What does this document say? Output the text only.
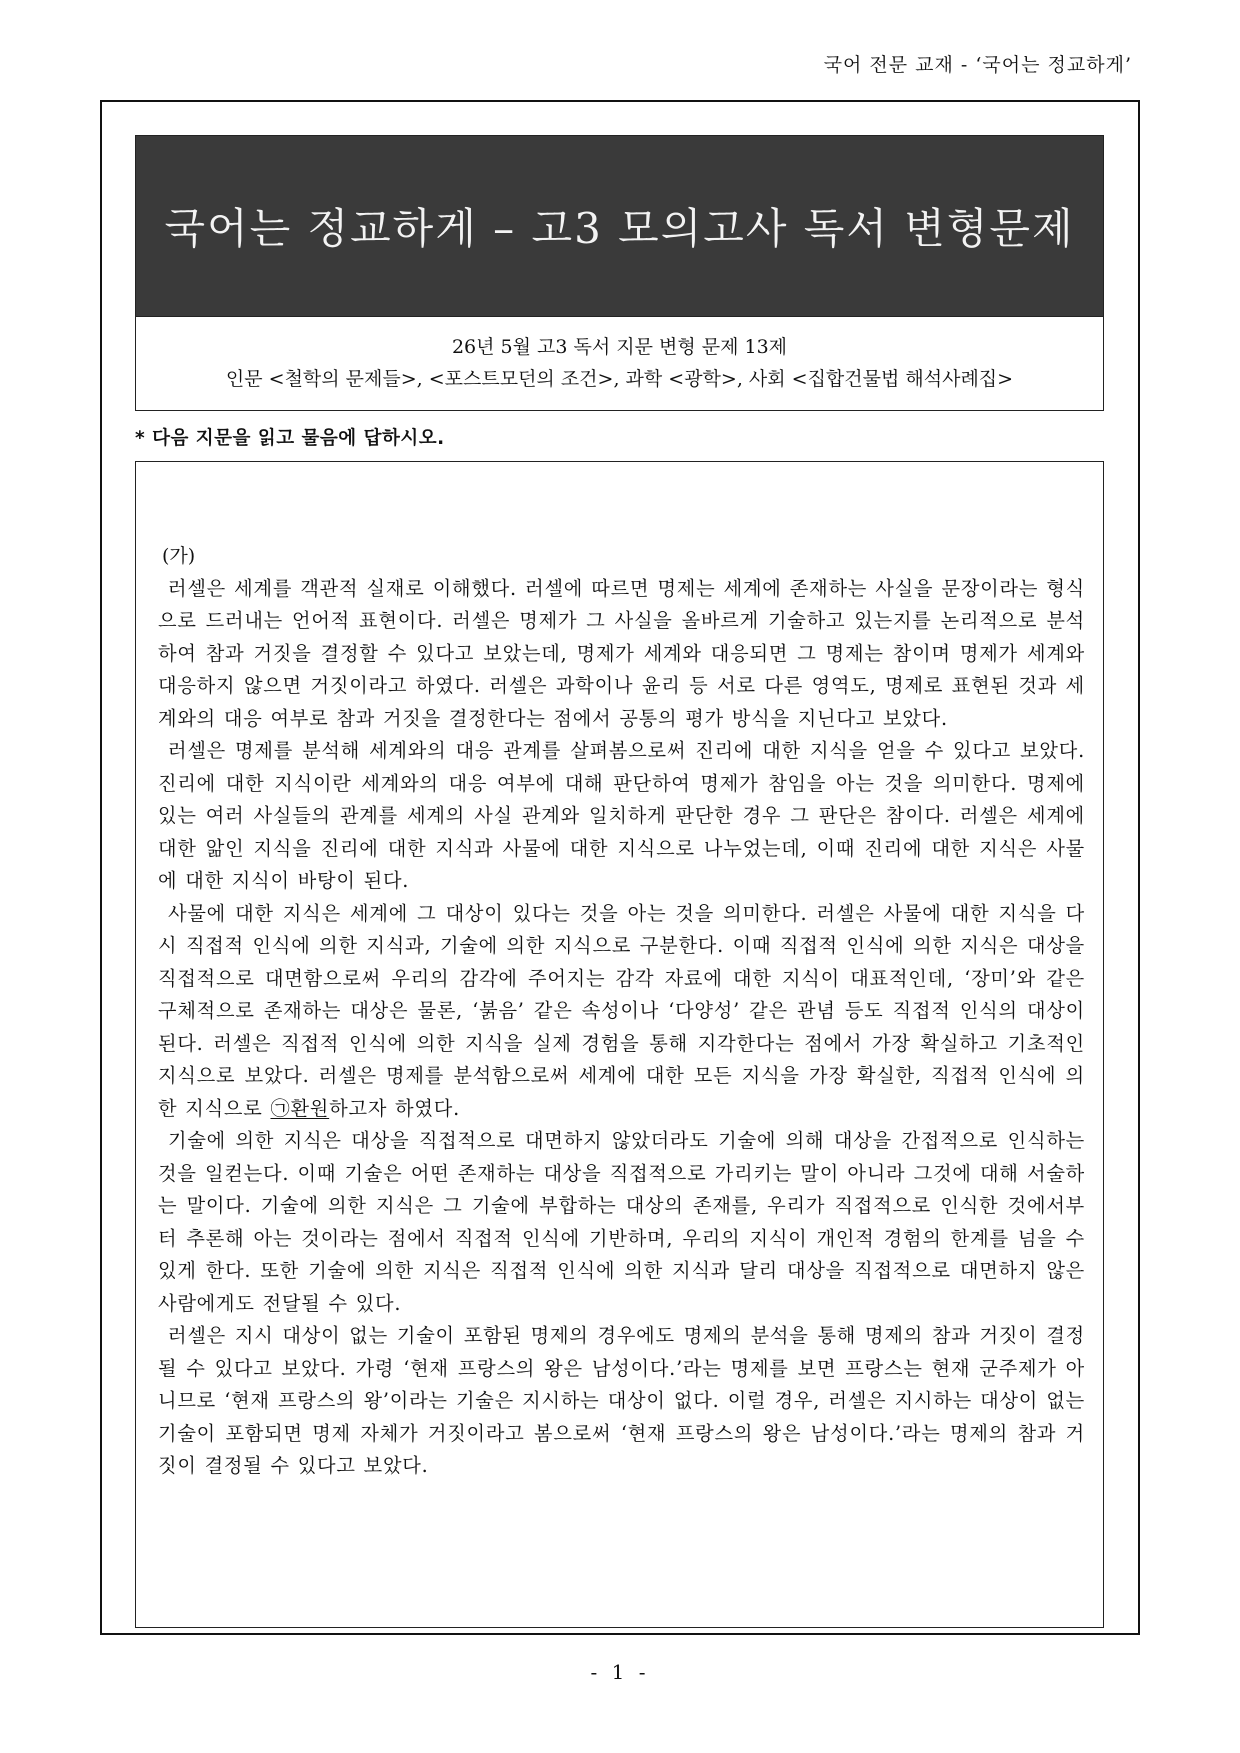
국어 전문 교재 - ‘국어는 정교하게’
국어는 정교하게 – 고3 모의고사 독서 변형문제
26년 5월 고3 독서 지문 변형 문제 13제
인문 <철학의 문제들>, <포스트모던의 조건>, 과학 <광학>, 사회 <집합건물법 해석사례집>
* 다음 지문을 읽고 물음에 답하시오.
(가)

러셀은 세계를 객관적 실재로 이해했다. 러셀에 따르면 명제는 세계에 존재하는 사실을 문장이라는 형식으로 드러내는 언어적 표현이다. 러셀은 명제가 그 사실을 올바르게 기술하고 있는지를 논리적으로 분석하여 참과 거짓을 결정할 수 있다고 보았는데, 명제가 세계와 대응되면 그 명제는 참이며 명제가 세계와 대응하지 않으면 거짓이라고 하였다. 러셀은 과학이나 윤리 등 서로 다른 영역도, 명제로 표현된 것과 세계와의 대응 여부로 참과 거짓을 결정한다는 점에서 공통의 평가 방식을 지닌다고 보았다.

러셀은 명제를 분석해 세계와의 대응 관계를 살펴봄으로써 진리에 대한 지식을 얻을 수 있다고 보았다. 진리에 대한 지식이란 세계와의 대응 여부에 대해 판단하여 명제가 참임을 아는 것을 의미한다. 명제에 있는 여러 사실들의 관계를 세계의 사실 관계와 일치하게 판단한 경우 그 판단은 참이다. 러셀은 세계에 대한 앎인 지식을 진리에 대한 지식과 사물에 대한 지식으로 나누었는데, 이때 진리에 대한 지식은 사물에 대한 지식이 바탕이 된다.

사물에 대한 지식은 세계에 그 대상이 있다는 것을 아는 것을 의미한다. 러셀은 사물에 대한 지식을 다시 직접적 인식에 의한 지식과, 기술에 의한 지식으로 구분한다. 이때 직접적 인식에 의한 지식은 대상을 직접적으로 대면함으로써 우리의 감각에 주어지는 감각 자료에 대한 지식이 대표적인데, ‘장미’와 같은 구체적으로 존재하는 대상은 물론, ‘붉음’ 같은 속성이나 ‘다양성’ 같은 관념 등도 직접적 인식의 대상이 된다. 러셀은 직접적 인식에 의한 지식을 실제 경험을 통해 지각한다는 점에서 가장 확실하고 기초적인 지식으로 보았다. 러셀은 명제를 분석함으로써 세계에 대한 모든 지식을 가장 확실한, 직접적 인식에 의한 지식으로 ㉠환원하고자 하였다.

기술에 의한 지식은 대상을 직접적으로 대면하지 않았더라도 기술에 의해 대상을 간접적으로 인식하는 것을 일컫는다. 이때 기술은 어떤 존재하는 대상을 직접적으로 가리키는 말이 아니라 그것에 대해 서술하는 말이다. 기술에 의한 지식은 그 기술에 부합하는 대상의 존재를, 우리가 직접적으로 인식한 것에서부터 추론해 아는 것이라는 점에서 직접적 인식에 기반하며, 우리의 지식이 개인적 경험의 한계를 넘을 수 있게 한다. 또한 기술에 의한 지식은 직접적 인식에 의한 지식과 달리 대상을 직접적으로 대면하지 않은 사람에게도 전달될 수 있다.

러셀은 지시 대상이 없는 기술이 포함된 명제의 경우에도 명제의 분석을 통해 명제의 참과 거짓이 결정될 수 있다고 보았다. 가령 ‘현재 프랑스의 왕은 남성이다.’라는 명제를 보면 프랑스는 현재 군주제가 아니므로 ‘현재 프랑스의 왕’이라는 기술은 지시하는 대상이 없다. 이럴 경우, 러셀은 지시하는 대상이 없는 기술이 포함되면 명제 자체가 거짓이라고 봄으로써 ‘현재 프랑스의 왕은 남성이다.’라는 명제의 참과 거짓이 결정될 수 있다고 보았다.

- 1 -
